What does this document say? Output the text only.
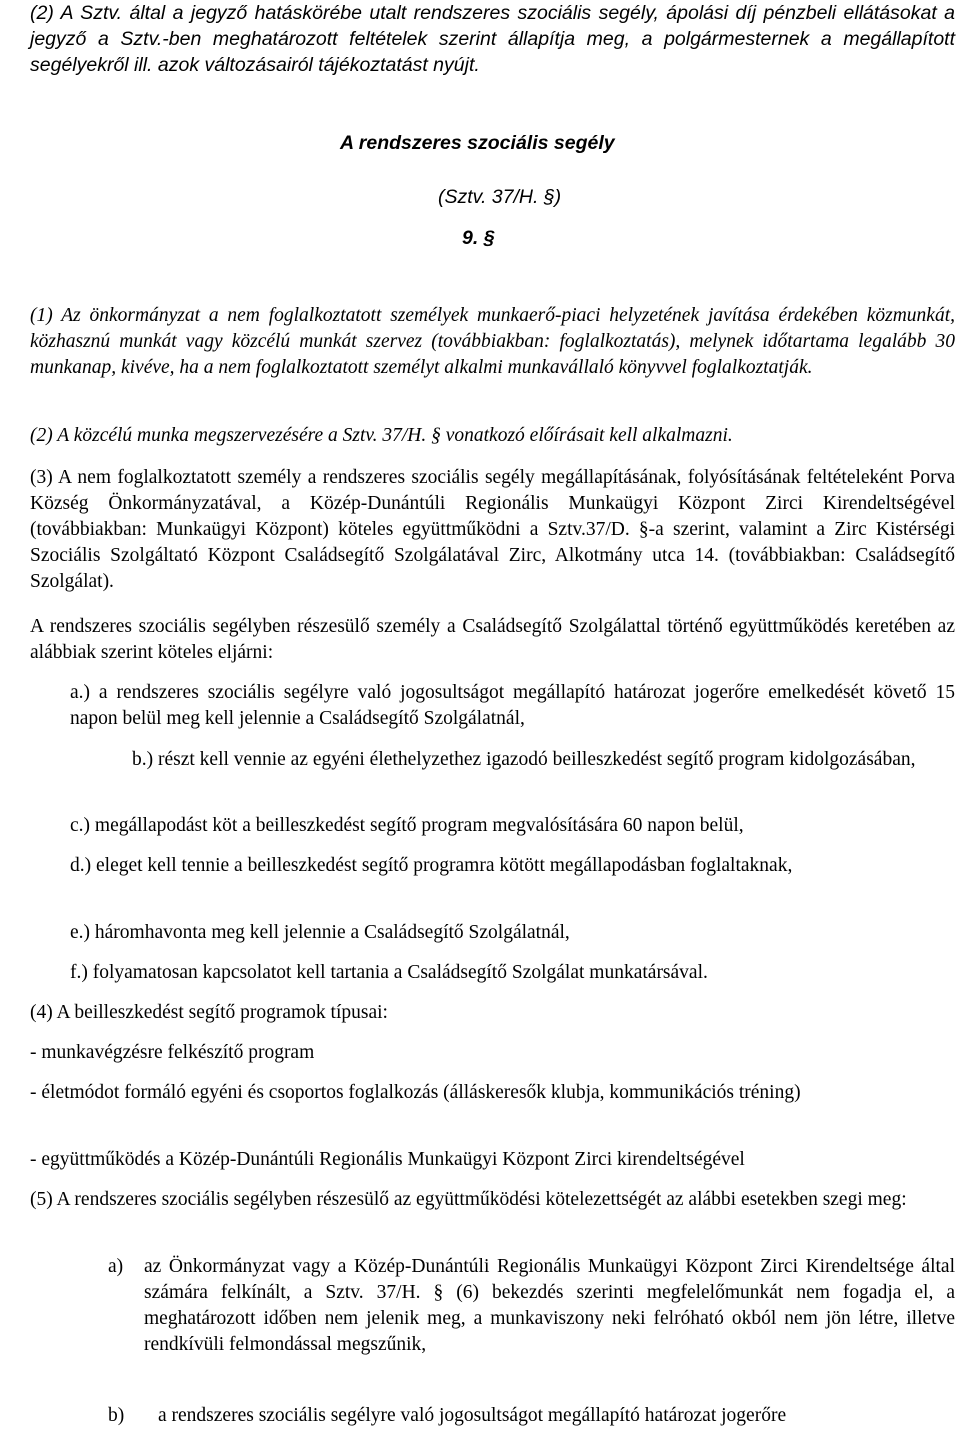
(2) A Sztv. által a jegyző hatáskörébe utalt rendszeres szociális segély, ápolási díj pénzbeli ellátásokat a jegyző a Sztv.-ben meghatározott feltételek szerint állapítja meg, a polgármesternek a megállapított segélyekről ill. azok változásairól tájékoztatást nyújt.

A rendszeres szociális segély
(Sztv. 37/H. §)
9. §

(1) Az önkormányzat a nem foglalkoztatott személyek munkaerő-piaci helyzetének javítása érdekében közmunkát, közhasznú munkát vagy közcélú munkát szervez (továbbiakban: foglalkoztatás), melynek időtartama legalább 30 munkanap, kivéve, ha a nem foglalkoztatott személyt alkalmi munkavállaló könyvvel foglalkoztatják.

(2) A közcélú munka megszervezésére a Sztv. 37/H. § vonatkozó előírásait kell alkalmazni.

(3) A nem foglalkoztatott személy a rendszeres szociális segély megállapításának, folyósításának feltételeként Porva Község Önkormányzatával, a Közép-Dunántúli Regionális Munkaügyi Központ Zirci Kirendeltségével (továbbiakban: Munkaügyi Központ) köteles együttműködni a Sztv.37/D. §-a szerint, valamint a Zirc Kistérségi Szociális Szolgáltató Központ Családsegítő Szolgálatával Zirc, Alkotmány utca 14. (továbbiakban: Családsegítő Szolgálat).

A rendszeres szociális segélyben részesülő személy a Családsegítő Szolgálattal történő együttműködés keretében az alábbiak szerint köteles eljárni:

a.) a rendszeres szociális segélyre való jogosultságot megállapító határozat jogerőre emelkedését követő 15 napon belül meg kell jelennie a Családsegítő Szolgálatnál,

b.) részt kell vennie az egyéni élethelyzethez igazodó beilleszkedést segítő program kidolgozásában,

c.) megállapodást köt a beilleszkedést segítő program megvalósítására 60 napon belül,

d.) eleget kell tennie a beilleszkedést segítő programra kötött megállapodásban foglaltaknak,

e.) háromhavonta meg kell jelennie a Családsegítő Szolgálatnál,

f.) folyamatosan kapcsolatot kell tartania a Családsegítő Szolgálat munkatársával.

(4) A beilleszkedést segítő programok típusai:

- munkavégzésre felkészítő program

- életmódot formáló egyéni és csoportos foglalkozás (álláskeresők klubja, kommunikációs tréning)

- együttműködés a Közép-Dunántúli Regionális Munkaügyi Központ Zirci kirendeltségével

(5) A rendszeres szociális segélyben részesülő az együttműködési kötelezettségét az alábbi esetekben szegi meg:

a) az Önkormányzat vagy a Közép-Dunántúli Regionális Munkaügyi Központ Zirci Kirendeltsége által számára felkínált, a Sztv. 37/H. § (6) bekezdés szerinti megfelelőmunkát nem fogadja el, a meghatározott időben nem jelenik meg, a munkaviszony neki felróható okból nem jön létre, illetve rendkívüli felmondással megszűnik,

b) a rendszeres szociális segélyre való jogosultságot megállapító határozat jogerőre
